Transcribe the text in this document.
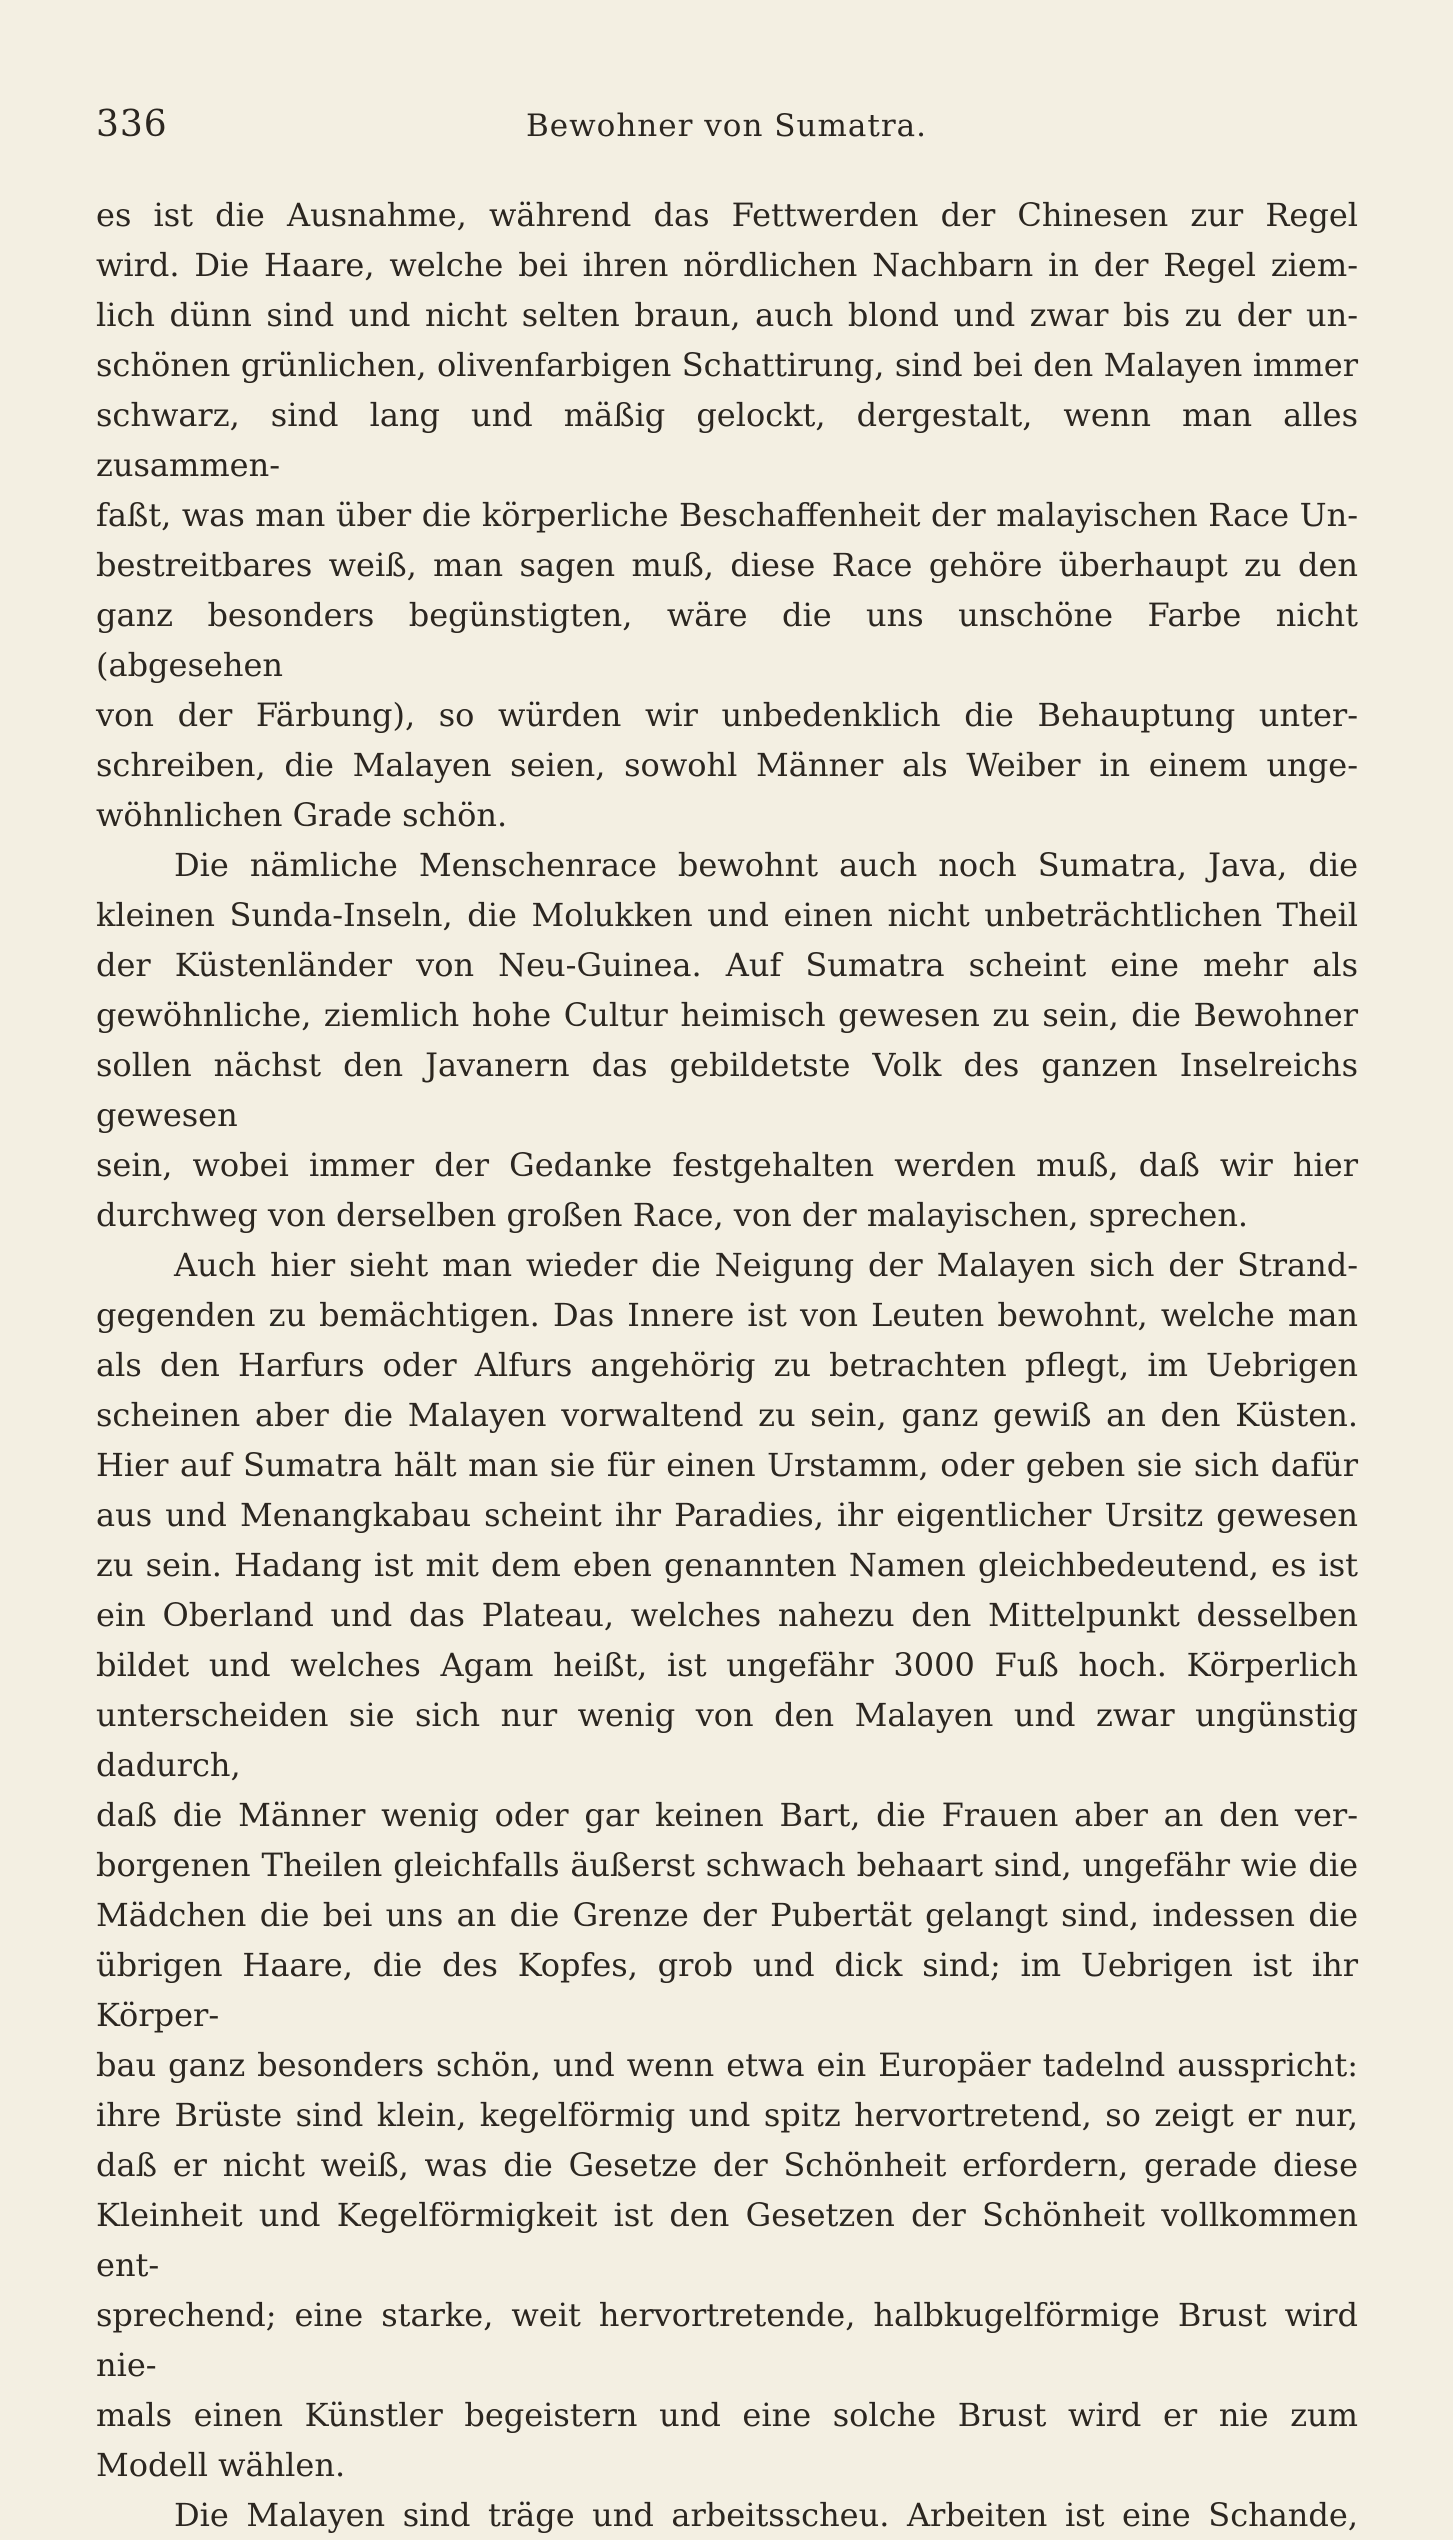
336	Bewohner von Sumatra.

es ist die Ausnahme, während das Fettwerden der Chinesen zur Regel

wird. Die Haare, welche bei ihren nördlichen Nachbarn in der Regel ziem-

lich dünn sind und nicht selten braun, auch blond und zwar bis zu der un-

schönen grünlichen, olivenfarbigen Schattirung, sind bei den Malayen immer

schwarz, sind lang und mäßig gelockt, dergestalt, wenn man alles zusammen-

faßt, was man über die körperliche Beschaffenheit der malayischen Race Un-

bestreitbares weiß, man sagen muß, diese Race gehöre überhaupt zu den

ganz besonders begünstigten, wäre die uns unschöne Farbe nicht (abgesehen

von der Färbung), so würden wir unbedenklich die Behauptung unter-

schreiben, die Malayen seien, sowohl Männer als Weiber in einem unge-

wöhnlichen Grade schön.

Die nämliche Menschenrace bewohnt auch noch Sumatra, Java, die

kleinen Sunda-Inseln, die Molukken und einen nicht unbeträchtlichen Theil

der Küstenländer von Neu-Guinea. Auf Sumatra scheint eine mehr als

gewöhnliche, ziemlich hohe Cultur heimisch gewesen zu sein, die Bewohner

sollen nächst den Javanern das gebildetste Volk des ganzen Inselreichs gewesen

sein, wobei immer der Gedanke festgehalten werden muß, daß wir hier

durchweg von derselben großen Race, von der malayischen, sprechen.

Auch hier sieht man wieder die Neigung der Malayen sich der Strand-

gegenden zu bemächtigen. Das Innere ist von Leuten bewohnt, welche man

als den Harfurs oder Alfurs angehörig zu betrachten pflegt, im Uebrigen

scheinen aber die Malayen vorwaltend zu sein, ganz gewiß an den Küsten.

Hier auf Sumatra hält man sie für einen Urstamm, oder geben sie sich dafür

aus und Menangkabau scheint ihr Paradies, ihr eigentlicher Ursitz gewesen

zu sein. Hadang ist mit dem eben genannten Namen gleichbedeutend, es ist

ein Oberland und das Plateau, welches nahezu den Mittelpunkt desselben

bildet und welches Agam heißt, ist ungefähr 3000 Fuß hoch. Körperlich

unterscheiden sie sich nur wenig von den Malayen und zwar ungünstig dadurch,

daß die Männer wenig oder gar keinen Bart, die Frauen aber an den ver-

borgenen Theilen gleichfalls äußerst schwach behaart sind, ungefähr wie die

Mädchen die bei uns an die Grenze der Pubertät gelangt sind, indessen die

übrigen Haare, die des Kopfes, grob und dick sind; im Uebrigen ist ihr Körper-

bau ganz besonders schön, und wenn etwa ein Europäer tadelnd ausspricht:

ihre Brüste sind klein, kegelförmig und spitz hervortretend, so zeigt er nur,

daß er nicht weiß, was die Gesetze der Schönheit erfordern, gerade diese

Kleinheit und Kegelförmigkeit ist den Gesetzen der Schönheit vollkommen ent-

sprechend; eine starke, weit hervortretende, halbkugelförmige Brust wird nie-

mals einen Künstler begeistern und eine solche Brust wird er nie zum

Modell wählen.

Die Malayen sind träge und arbeitsscheu. Arbeiten ist eine Schande,
